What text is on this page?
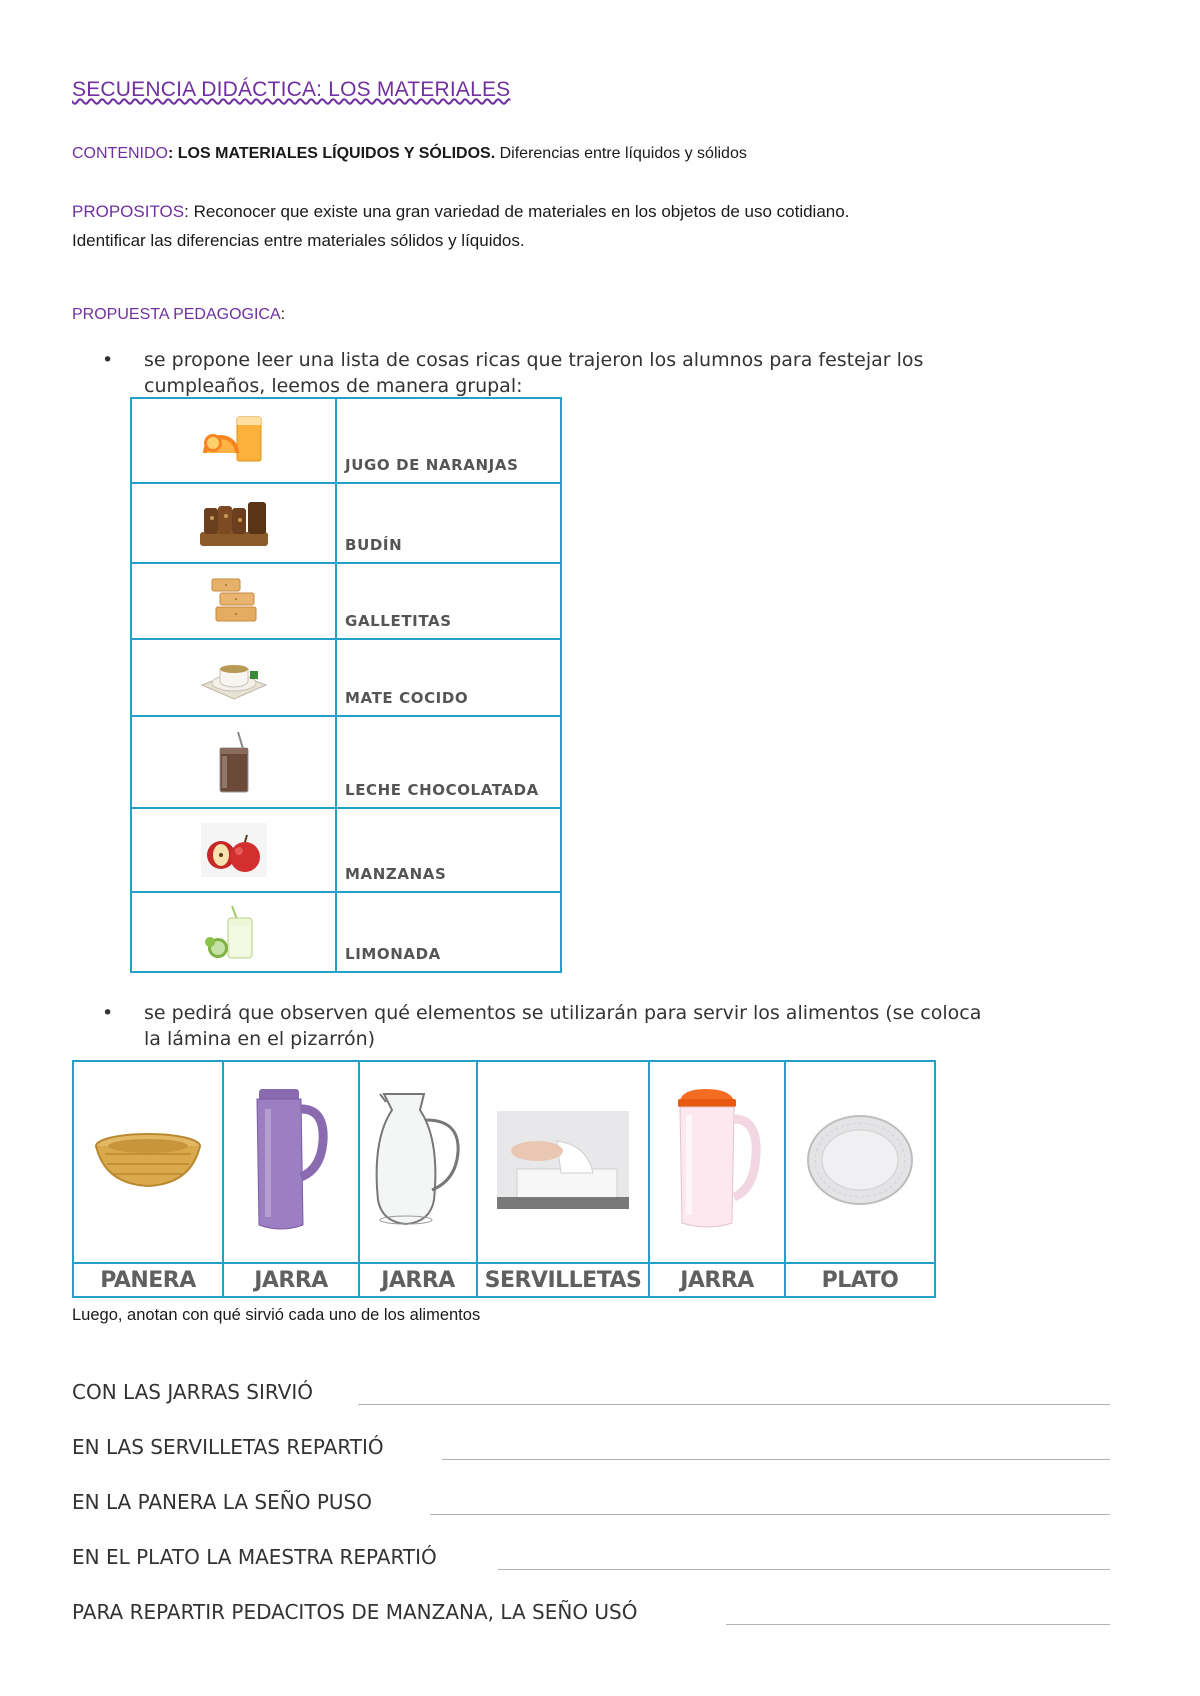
SECUENCIA DIDÁCTICA: LOS MATERIALES
CONTENIDO: LOS MATERIALES LÍQUIDOS Y SÓLIDOS. Diferencias entre líquidos y sólidos
PROPOSITOS: Reconocer que existe una gran variedad de materiales en los objetos de uso cotidiano.
Identificar las diferencias entre materiales sólidos y líquidos.
PROPUESTA PEDAGOGICA:
• se propone leer una lista de cosas ricas que trajeron los alumnos para festejar los
cumpleaños, leemos de manera grupal:

JUGO DE NARANJAS

BUDÍN

GALLETITAS

MATE COCIDO

LECHE CHOCOLATADA

MANZANAS

LIMONADA
• se pedirá que observen qué elementos se utilizarán para servir los alimentos (se coloca
la lámina en el pizarrón)

PANERA	JARRA	JARRA	SERVILLETAS	JARRA	PLATO
Luego, anotan con qué sirvió cada uno de los alimentos
CON LAS JARRAS SIRVIÓ
EN LAS SERVILLETAS REPARTIÓ
EN LA PANERA LA SEÑO PUSO
EN EL PLATO LA MAESTRA REPARTIÓ
PARA REPARTIR PEDACITOS DE MANZANA, LA SEÑO USÓ
